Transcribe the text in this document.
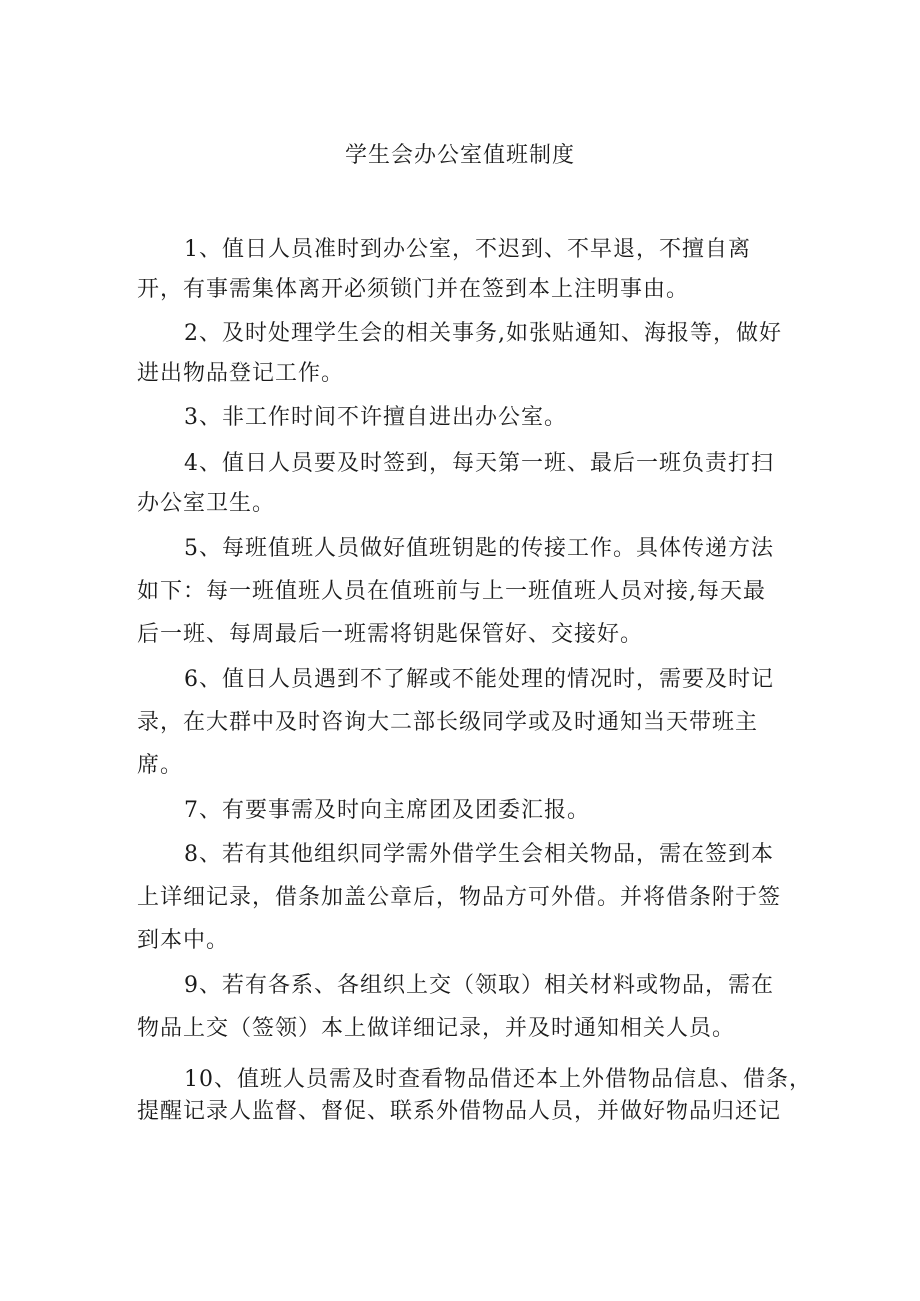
学生会办公室值班制度
1、值日人员准时到办公室，不迟到、不早退，不擅自离
开，有事需集体离开必须锁门并在签到本上注明事由。
2、及时处理学生会的相关事务,如张贴通知、海报等，做好
进出物品登记工作。
3、非工作时间不许擅自进出办公室。
4、值日人员要及时签到，每天第一班、最后一班负责打扫
办公室卫生。
5、每班值班人员做好值班钥匙的传接工作。具体传递方法
如下：每一班值班人员在值班前与上一班值班人员对接,每天最
后一班、每周最后一班需将钥匙保管好、交接好。
6、值日人员遇到不了解或不能处理的情况时，需要及时记
录，在大群中及时咨询大二部长级同学或及时通知当天带班主
席。
7、有要事需及时向主席团及团委汇报。
8、若有其他组织同学需外借学生会相关物品，需在签到本
上详细记录，借条加盖公章后，物品方可外借。并将借条附于签
到本中。
9、若有各系、各组织上交（领取）相关材料或物品，需在
物品上交（签领）本上做详细记录，并及时通知相关人员。
10、值班人员需及时查看物品借还本上外借物品信息、借条，
提醒记录人监督、督促、联系外借物品人员，并做好物品归还记
